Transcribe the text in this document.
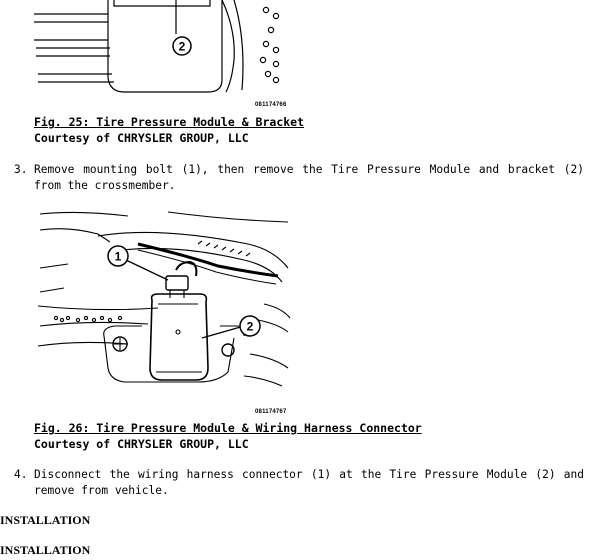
2
081174766
Fig. 25: Tire Pressure Module & Bracket
Courtesy of CHRYSLER GROUP, LLC
3. Remove mounting bolt (1), then remove the Tire Pressure Module and bracket (2) from the crossmember.
1
2
081174767
Fig. 26: Tire Pressure Module & Wiring Harness Connector
Courtesy of CHRYSLER GROUP, LLC
4. Disconnect the wiring harness connector (1) at the Tire Pressure Module (2) and remove from vehicle.
INSTALLATION
INSTALLATION
